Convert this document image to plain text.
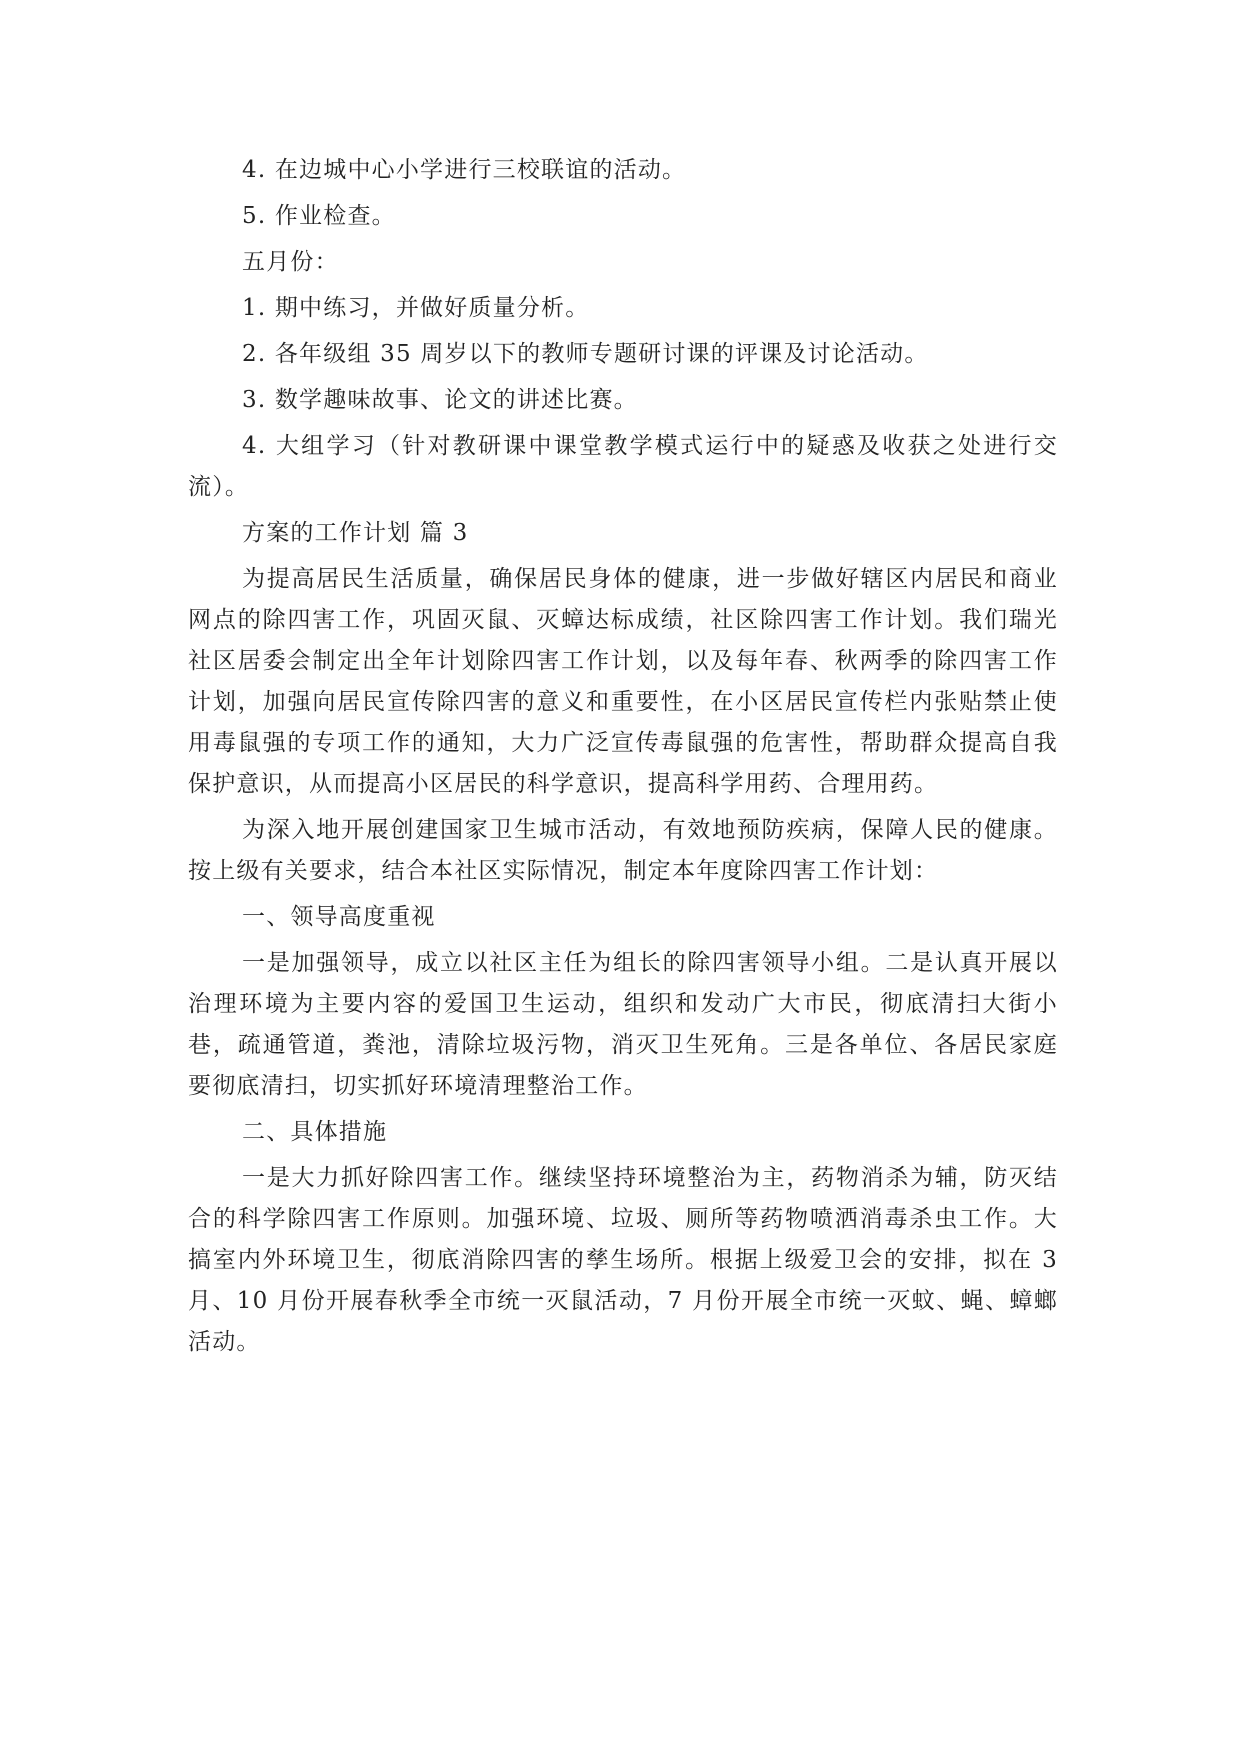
4. 在边城中心小学进行三校联谊的活动。

5. 作业检查。

五月份：

1. 期中练习，并做好质量分析。

2. 各年级组 35 周岁以下的教师专题研讨课的评课及讨论活动。

3. 数学趣味故事、论文的讲述比赛。

4. 大组学习（针对教研课中课堂教学模式运行中的疑惑及收获之处进行交流）。

方案的工作计划 篇 3

为提高居民生活质量，确保居民身体的健康，进一步做好辖区内居民和商业网点的除四害工作，巩固灭鼠、灭蟑达标成绩，社区除四害工作计划。我们瑞光社区居委会制定出全年计划除四害工作计划，以及每年春、秋两季的除四害工作计划，加强向居民宣传除四害的意义和重要性，在小区居民宣传栏内张贴禁止使用毒鼠强的专项工作的通知，大力广泛宣传毒鼠强的危害性，帮助群众提高自我保护意识，从而提高小区居民的科学意识，提高科学用药、合理用药。

为深入地开展创建国家卫生城市活动，有效地预防疾病，保障人民的健康。按上级有关要求，结合本社区实际情况，制定本年度除四害工作计划：

一、领导高度重视

一是加强领导，成立以社区主任为组长的除四害领导小组。二是认真开展以治理环境为主要内容的爱国卫生运动，组织和发动广大市民，彻底清扫大街小巷，疏通管道，粪池，清除垃圾污物，消灭卫生死角。三是各单位、各居民家庭要彻底清扫，切实抓好环境清理整治工作。

二、具体措施

一是大力抓好除四害工作。继续坚持环境整治为主，药物消杀为辅，防灭结合的科学除四害工作原则。加强环境、垃圾、厕所等药物喷洒消毒杀虫工作。大搞室内外环境卫生，彻底消除四害的孳生场所。根据上级爱卫会的安排，拟在 3 月、10 月份开展春秋季全市统一灭鼠活动，7 月份开展全市统一灭蚊、蝇、蟑螂活动。
